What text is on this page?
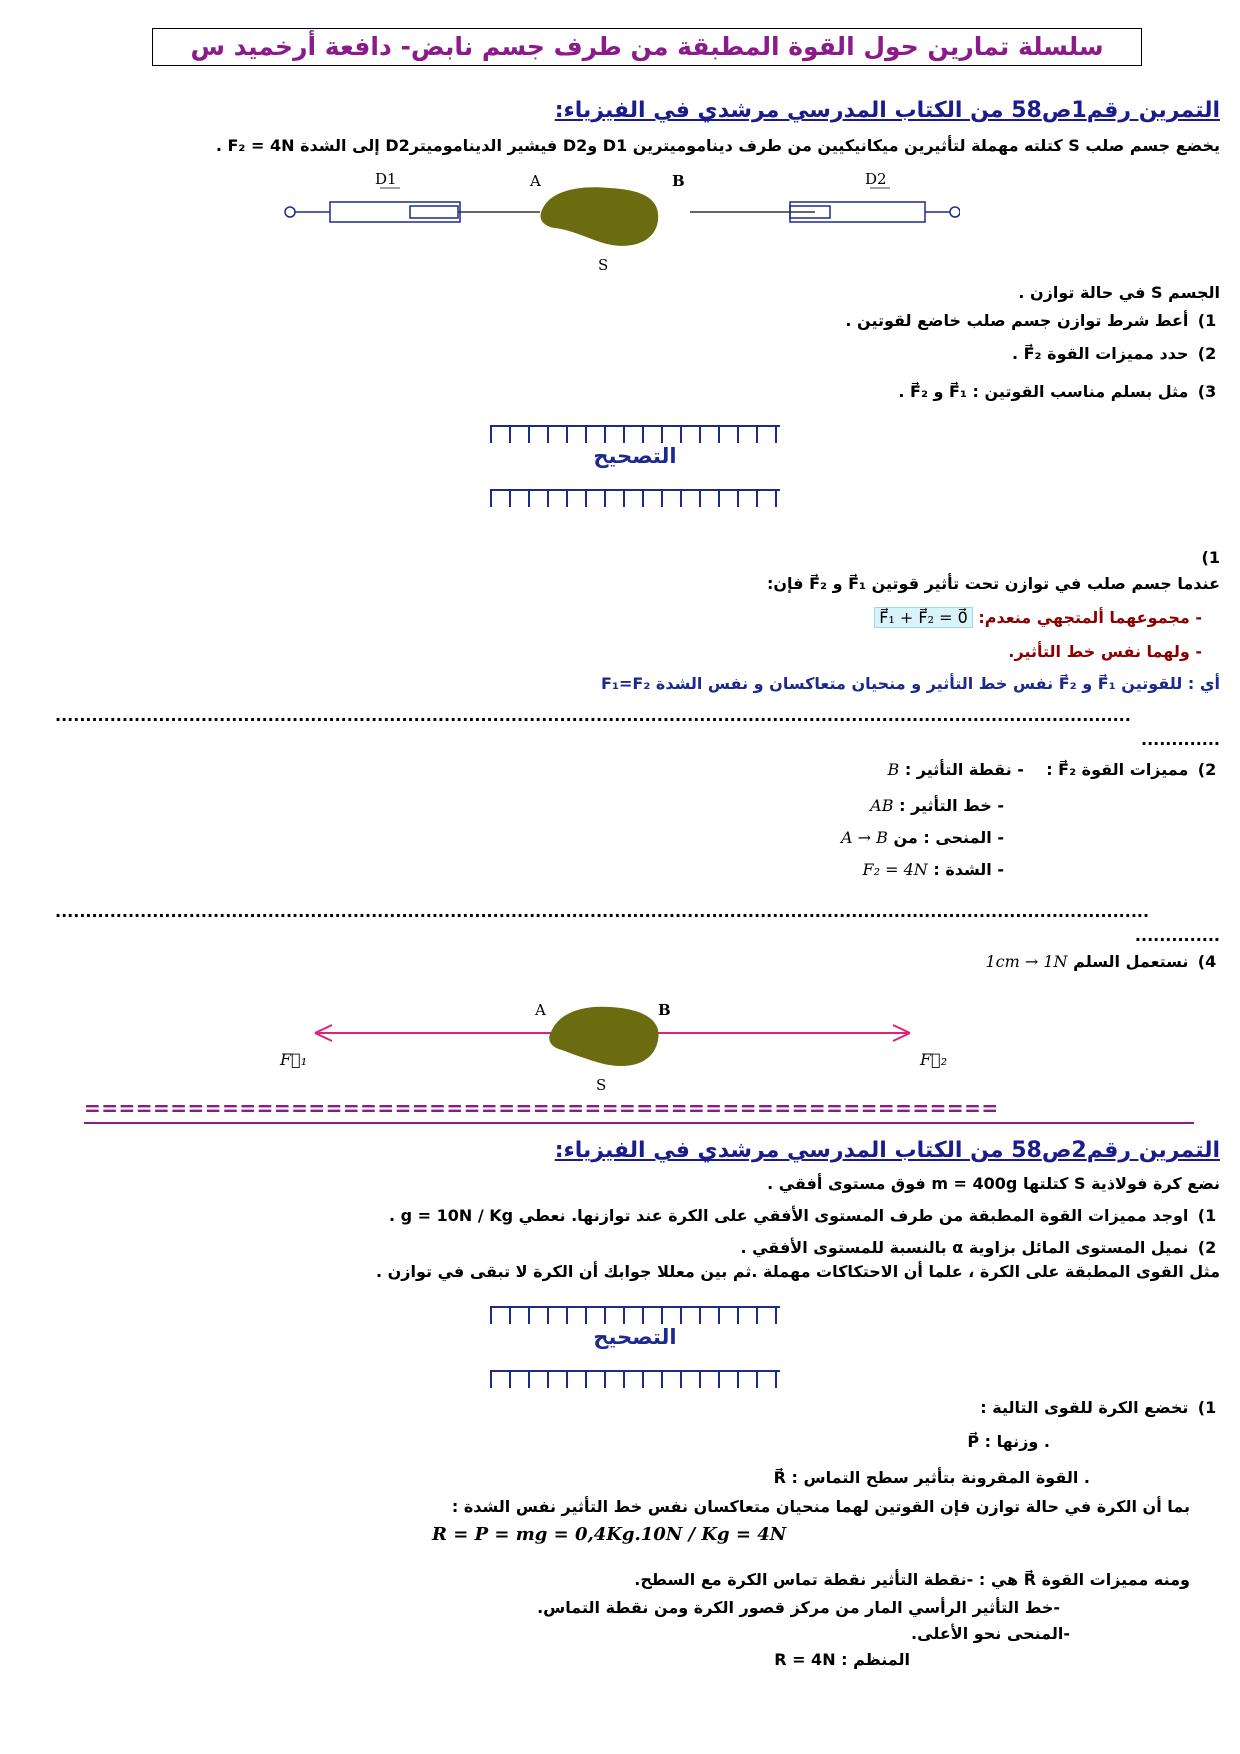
سلسلة تمارين حول القوة المطبقة من طرف جسم نابض- دافعة أرخميد س
التمرين رقم1ص58 من الكتاب المدرسي مرشدي في الفيزياء:
يخضع جسم صلب S كتلته مهملة لتأثيرين ميكانيكيين من طرف ديناموميترين D1 وD2 فيشير الديناموميترD2 إلى الشدة F₂ = 4N .
D1	D2
A	B
S
الجسم S في حالة توازن .
1) أعط شرط توازن جسم صلب خاضع لقوتين .
2) حدد مميزات القوة F⃗₂ .
3) مثل بسلم مناسب القوتين : F⃗₁ و F⃗₂ .
التصحيح
(1
عندما جسم صلب في توازن تحت تأثير قوتين F⃗₁ و F⃗₂ فإن:
- مجموعهما ألمتجهي منعدم: F⃗₁ + F⃗₂ = 0⃗
- ولهما نفس خط التأثير.
أي : للقوتين F⃗₁ و F⃗₂ نفس خط التأثير و منحيان متعاكسان و نفس الشدة F₁=F₂
.................................................................................................................................................................................
.............
2) مميزات القوة F⃗₂ :    - نقطة التأثير : B
- خط التأثير : AB
- المنحى : من A → B
- الشدة : F₂ = 4N
....................................................................................................................................................................................
..............
4) نستعمل السلم 1cm → 1N
F⃗₁	F⃗₂
A	B
S
=====================================================
التمرين رقم2ص58 من الكتاب المدرسي مرشدي في الفيزياء:
نضع كرة فولاذية S كتلتها m = 400g فوق مستوى أفقي .
1) اوجد مميزات القوة المطبقة من طرف المستوى الأفقي على الكرة عند توازنها. نعطي g = 10N / Kg .
2) نميل المستوى المائل بزاوية α بالنسبة للمستوى الأفقي .
مثل القوى المطبقة على الكرة ، علما أن الاحتكاكات مهملة .ثم بين معللا جوابك أن الكرة لا تبقى في توازن .
التصحيح
1) تخضع الكرة للقوى التالية :
P⃗ : وزنها .
R⃗ : القوة المقرونة بتأثير سطح التماس .
بما أن الكرة في حالة توازن فإن القوتين لهما منحيان متعاكسان نفس خط التأثير نفس الشدة :
R = P = mg = 0,4Kg.10N / Kg = 4N
ومنه مميزات القوة R⃗ هي : -نقطة التأثير نقطة تماس الكرة مع السطح.
-خط التأثير الرأسي المار من مركز قصور الكرة ومن نقطة التماس.
-المنحى نحو الأعلى.
المنظم : R = 4N
